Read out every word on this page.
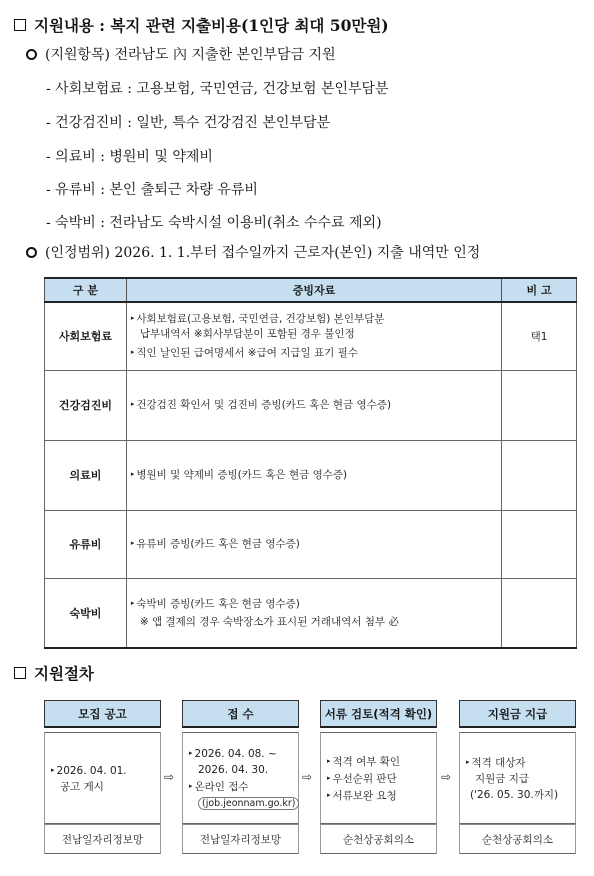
지원내용 : 복지 관련 지출비용(1인당 최대 50만원)
(지원항목) 전라남도 內 지출한 본인부담금 지원
- 사회보험료 : 고용보험, 국민연금, 건강보험 본인부담분
- 건강검진비 : 일반, 특수 건강검진 본인부담분
- 의료비 : 병원비 및 약제비
- 유류비 : 본인 출퇴근 차량 유류비
- 숙박비 : 전라남도 숙박시설 이용비(취소 수수료 제외)
(인정범위) 2026. 1. 1.부터 접수일까지 근로자(본인) 지출 내역만 인정
구 분	증빙자료	비 고
사회보험료	▸ 사회보험료(고용보험, 국민연금, 건강보험) 본인부담분
납부내역서 ※회사부담분이 포함된 경우 불인정
▸ 직인 날인된 급여명세서 ※급여 지급일 표기 필수	택1
건강검진비	▸ 건강검진 확인서 및 검진비 증빙(카드 혹은 현금 영수증)	
의료비	▸ 병원비 및 약제비 증빙(카드 혹은 현금 영수증)	
유류비	▸ 유류비 증빙(카드 혹은 현금 영수증)	
숙박비	▸ 숙박비 증빙(카드 혹은 현금 영수증)
※ 앱 결제의 경우 숙박장소가 표시된 거래내역서 첨부 必	

지원절차
모집 공고
▸ 2026. 04. 01.
공고 게시
전남일자리정보망
⇨
접 수
▸ 2026. 04. 08. ~
2026. 04. 30.
▸ 온라인 접수
(job.jeonnam.go.kr)
전남일자리정보망
⇨
서류 검토(적격 확인)
▸ 적격 여부 확인
▸ 우선순위 판단
▸ 서류보완 요청
순천상공회의소
⇨
지원금 지급
▸ 적격 대상자
지원금 지급
('26. 05. 30.까지)
순천상공회의소
